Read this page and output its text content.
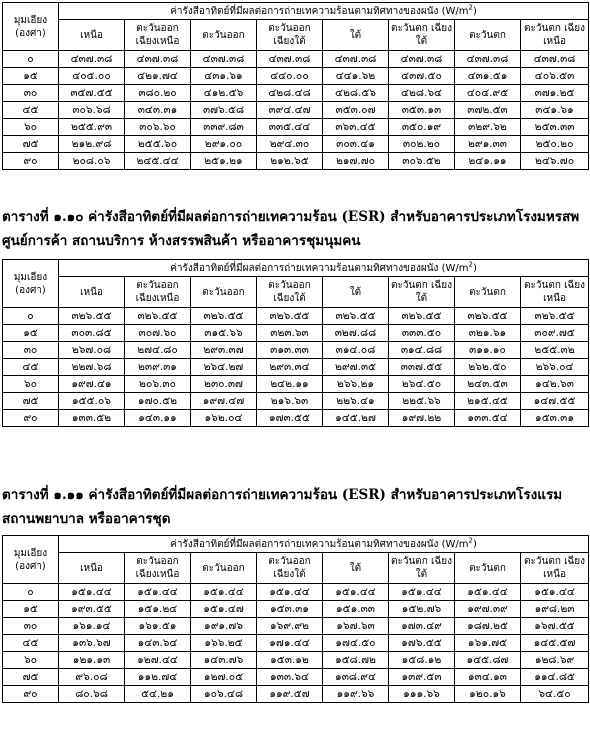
มุมเอียง (องศา)	ค่ารังสีอาทิตย์ที่มีผลต่อการถ่ายเทความร้อนตามทิศทางของผนัง $(W/m^2)$							
	เหนือ	ตะวันออก เฉียงเหนือ	ตะวันออก	ตะวันออก เฉียงใต้	ใต้	ตะวันตก เฉียงใต้	ตะวันตก	ตะวันตก เฉียงเหนือ
๐	๔๓๗.๓๘	๔๓๗.๓๘	๔๓๗.๓๘	๔๓๗.๓๘	๔๓๗.๓๘	๔๓๗.๓๘	๔๓๗.๓๘	๔๓๗.๓๘
๑๕	๔๐๕.๐๐	๔๒๑.๗๔	๔๓๑.๖๑	๔๔๐.๐๐	๔๔๑.๖๒	๔๓๗.๕๐	๔๓๑.๕๑	๔๐๖.๕๓
๓๐	๓๕๗.๕๕	๓๘๐.๒๐	๔๑๒.๕๖	๔๒๘.๔๘	๔๒๘.๕๖	๔๒๘.๖๔	๔๐๔.๙๕	๓๗๑.๒๕
๔๕	๓๐๖.๖๘	๓๔๓.๓๑	๓๗๖.๕๘	๓๙๔.๔๗	๓๕๓.๐๗	๓๕๓.๑๓	๓๗๒.๕๓	๓๔๑.๖๑
๖๐	๒๕๕.๙๓	๓๐๖.๖๐	๓๓๙.๘๓	๓๓๕.๔๔	๓๖๓.๔๕	๓๕๐.๑๙	๓๒๙.๖๒	๒๕๓.๓๓
๗๕	๒๑๒.๙๘	๒๕๕.๖๐	๒๙๑.๐๐	๒๙๔.๓๐	๓๐๓.๔๑	๓๐๒.๒๐	๒๙๑.๓๓	๒๕๐.๒๐
๙๐	๒๐๘.๐๖	๒๔๕.๔๔	๒๕๑.๒๑	๒๑๒.๖๕	๒๑๗.๗๐	๓๐๖.๕๒	๒๔๑.๑๑	๒๔๖.๗๐
ตารางที่ ๑.๑๐ ค่ารังสีอาทิตย์ที่มีผลต่อการถ่ายเทความร้อน (ESR) สำหรับอาคารประเภทโรงมหรสพ ศูนย์การค้า สถานบริการ ห้างสรรพสินค้า หรืออาคารชุมนุมคน
มุมเอียง (องศา)	ค่ารังสีอาทิตย์ที่มีผลต่อการถ่ายเทความร้อนตามทิศทางของผนัง $(W/m^2)$							
	เหนือ	ตะวันออก เฉียงเหนือ	ตะวันออก	ตะวันออก เฉียงใต้	ใต้	ตะวันตก เฉียงใต้	ตะวันตก	ตะวันตก เฉียงเหนือ
๐	๓๒๖.๕๕	๓๒๖.๕๕	๓๒๖.๕๕	๓๒๖.๕๕	๓๒๖.๕๕	๓๒๖.๕๕	๓๒๖.๕๕	๓๒๖.๕๕
๑๕	๓๐๓.๘๕	๓๐๗.๖๐	๓๑๕.๖๖	๓๒๓.๖๓	๓๒๗.๘๘	๓๓๓.๕๐	๓๒๑.๖๑	๓๐๙.๗๕
๓๐	๒๖๗.๐๘	๒๗๔.๘๐	๒๙๓.๓๗	๓๑๓.๓๓	๓๑๔.๐๘	๓๑๔.๘๘	๓๑๑.๑๐	๒๕๕.๓๒
๔๕	๒๒๗.๖๘	๒๓๙.๓๑	๒๖๔.๒๗	๒๙๓.๓๔	๒๙๗.๓๕	๓๓๗.๕๕	๒๖๒.๕๐	๒๖๖.๐๔
๖๐	๑๙๗.๔๑	๒๐๖.๓๐	๒๓๐.๓๗	๒๔๒.๑๑	๒๖๖.๒๑	๒๖๔.๕๐	๒๔๓.๕๓	๑๔๒.๖๓
๗๕	๑๕๕.๐๖	๑๗๐.๕๒	๑๙๗.๔๗	๒๑๖.๖๓	๒๒๖.๔๑	๒๒๕.๖๖	๒๑๕.๔๕	๑๔๗.๕๕
๙๐	๑๓๓.๕๒	๑๔๓.๑๑	๑๖๒.๐๔	๑๗๓.๕๕	๑๔๕.๒๗	๑๙๗.๒๒	๑๓๓.๕๔	๑๕๓.๓๑
ตารางที่ ๑.๑๑ ค่ารังสีอาทิตย์ที่มีผลต่อการถ่ายเทความร้อน (ESR) สำหรับอาคารประเภทโรงแรม สถานพยาบาล หรืออาคารชุด
มุมเอียง (องศา)	ค่ารังสีอาทิตย์ที่มีผลต่อการถ่ายเทความร้อนตามทิศทางของผนัง $(W/m^2)$							
	เหนือ	ตะวันออก เฉียงเหนือ	ตะวันออก	ตะวันออก เฉียงใต้	ใต้	ตะวันตก เฉียงใต้	ตะวันตก	ตะวันตก เฉียงเหนือ
๐	๑๕๑.๔๔	๑๕๑.๔๔	๑๕๑.๔๔	๑๕๑.๔๔	๑๕๑.๔๔	๑๕๑.๔๔	๑๕๑.๔๔	๑๕๑.๔๔
๑๕	๑๙๓.๕๕	๑๕๑.๒๔	๑๕๑.๔๗	๑๕๓.๓๑	๑๕๑.๓๓	๑๕๒.๗๖	๑๙๗.๓๙	๑๙๘.๒๓
๓๐	๑๖๑.๑๔	๑๖๑.๕๑	๑๙๑.๗๖	๑๖๙.๙๒	๑๖๗.๖๓	๑๗๓.๔๙	๑๘๗.๒๕	๑๖๗.๕๕
๔๕	๑๓๖.๖๗	๑๔๓.๖๔	๑๖๖.๒๕	๑๗๑.๔๔	๑๗๔.๕๐	๑๗๖.๕๕	๑๖๑.๗๕	๑๔๕.๕๗
๖๐	๑๒๑.๑๓	๑๒๗.๔๔	๑๔๓.๗๖	๑๕๓.๑๒	๑๕๘.๗๒	๑๕๘.๑๒	๑๔๕.๘๗	๑๒๘.๖๙
๗๕	๙๖.๐๘	๑๑๒.๗๔	๑๒๗.๐๕	๑๓๓.๖๔	๑๓๘.๙๔	๑๓๙.๕๓	๑๓๔.๑๓	๑๑๔.๘๕
๙๐	๘๐.๖๘	๕๔.๒๑	๑๐๖.๔๘	๑๑๙.๕๗	๑๑๙.๖๖	๑๑๑.๖๖	๑๒๐.๑๖	๖๔.๕๐
